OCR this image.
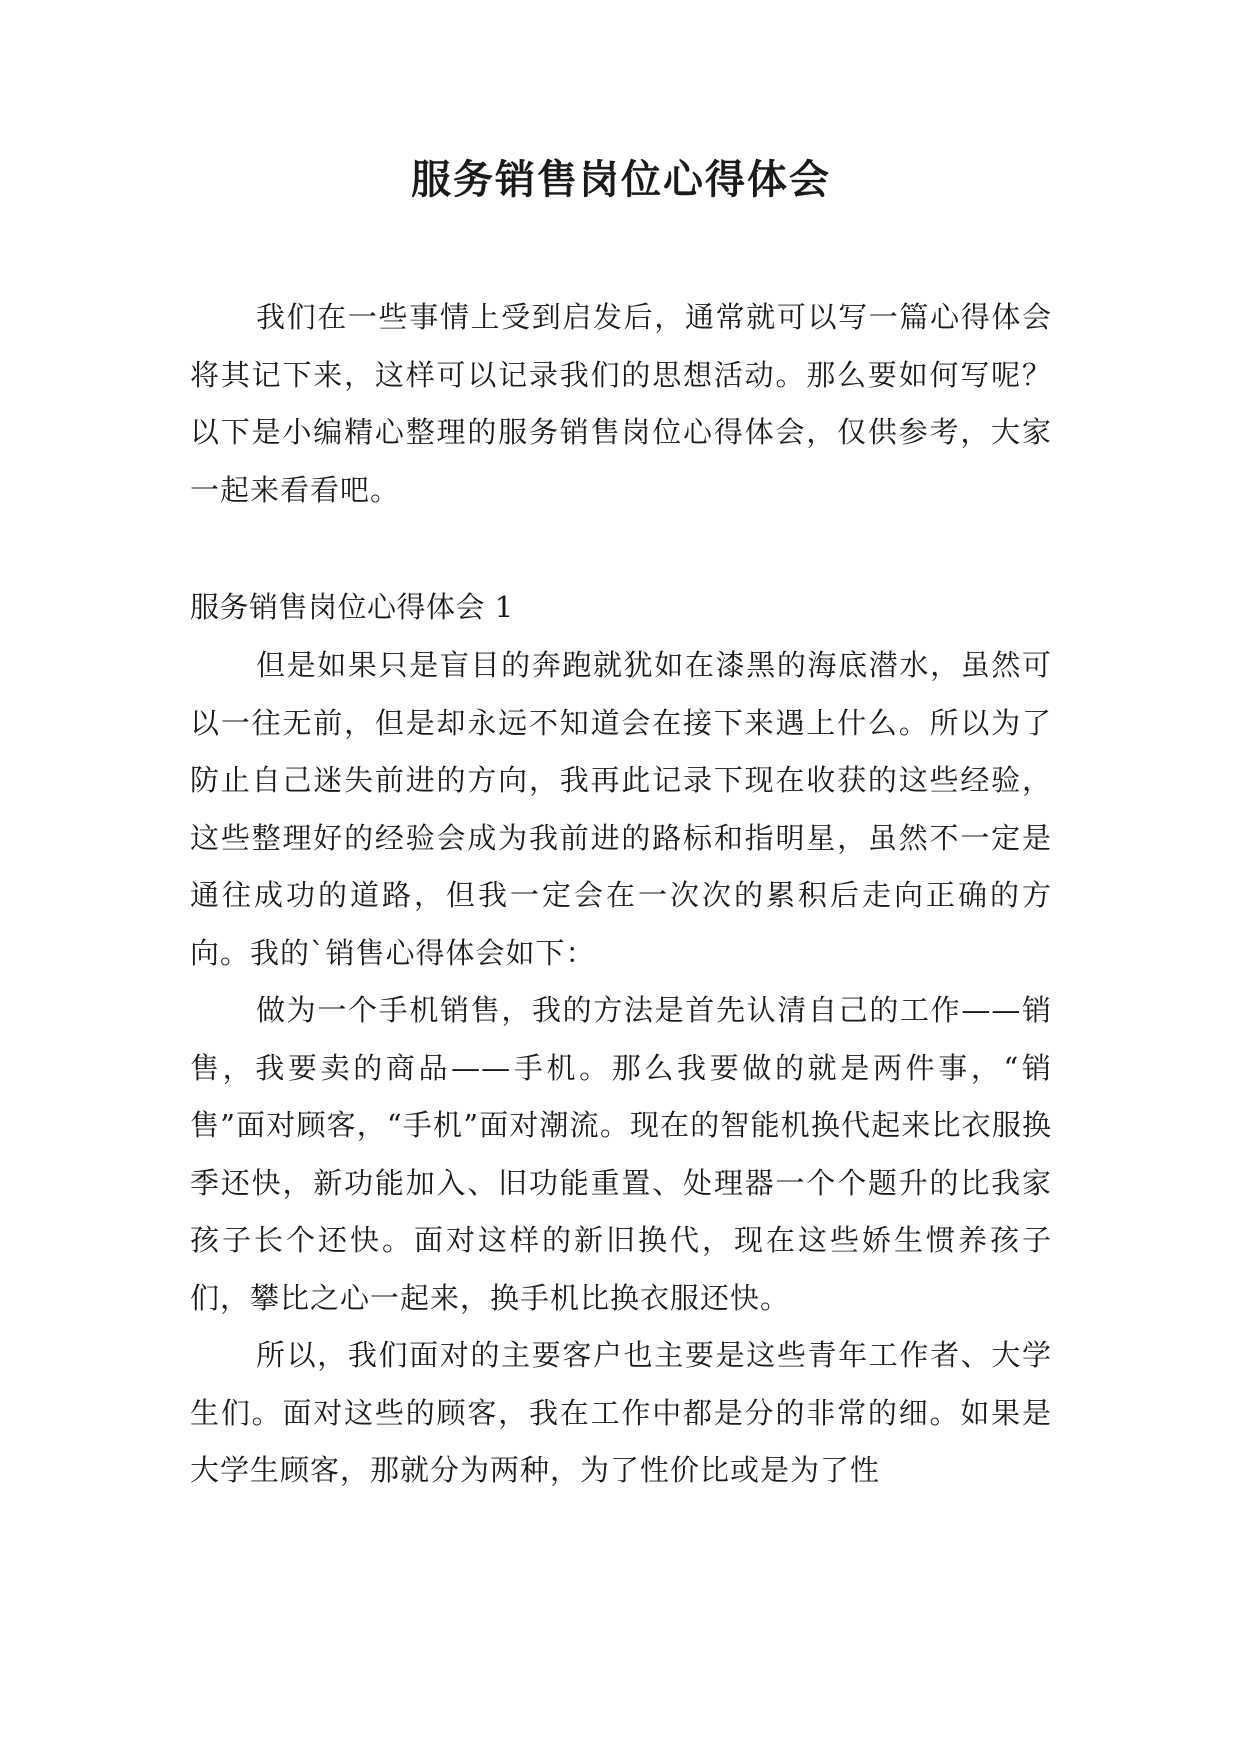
服务销售岗位心得体会

我们在一些事情上受到启发后，通常就可以写一篇心得体会将其记下来，这样可以记录我们的思想活动。那么要如何写呢？以下是小编精心整理的服务销售岗位心得体会，仅供参考，大家一起来看看吧。

服务销售岗位心得体会 1

但是如果只是盲目的奔跑就犹如在漆黑的海底潜水，虽然可以一往无前，但是却永远不知道会在接下来遇上什么。所以为了防止自己迷失前进的方向，我再此记录下现在收获的这些经验，这些整理好的经验会成为我前进的路标和指明星，虽然不一定是通往成功的道路，但我一定会在一次次的累积后走向正确的方向。我的`销售心得体会如下：

做为一个手机销售，我的方法是首先认清自己的工作——销售，我要卖的商品——手机。那么我要做的就是两件事，“销售”面对顾客，“手机”面对潮流。现在的智能机换代起来比衣服换季还快，新功能加入、旧功能重置、处理器一个个题升的比我家孩子长个还快。面对这样的新旧换代，现在这些娇生惯养孩子们，攀比之心一起来，换手机比换衣服还快。

所以，我们面对的主要客户也主要是这些青年工作者、大学生们。面对这些的顾客，我在工作中都是分的非常的细。如果是大学生顾客，那就分为两种，为了性价比或是为了性
